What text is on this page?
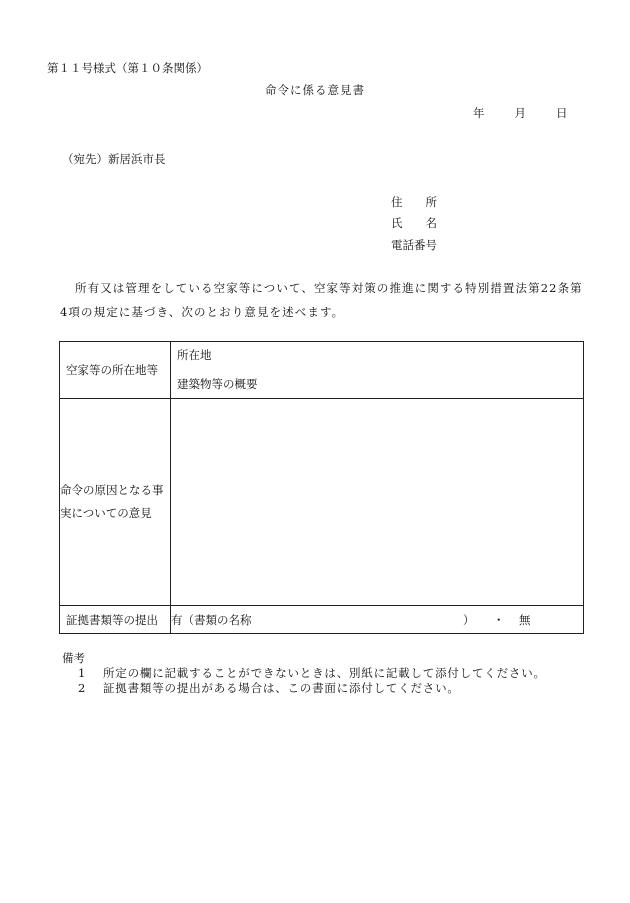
第１１号様式（第１０条関係）
命令に係る意見書
年	月	日
（宛先）新居浜市長
住　　所
氏　　名
電話番号
所有又は管理をしている空家等について、空家等対策の推進に関する特別措置法第22条第4項の規定に基づき、次のとおり意見を述べます。
空家等の所在地等	所在地
建築物等の概要

命令の原因となる事実についての意見	
証拠書類等の提出	有（書類の名称 ） ・ 無
備考
1 所定の欄に記載することができないときは、別紙に記載して添付してください。
2 証拠書類等の提出がある場合は、この書面に添付してください。
